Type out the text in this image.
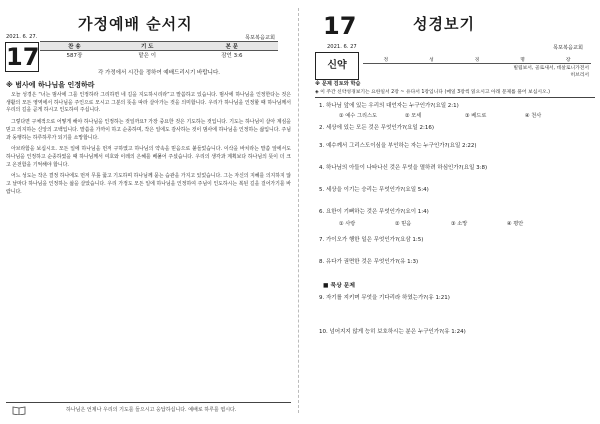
가정예배 순서지
2021. 6. 27.	목포복음교회
17	찬 송	기 도	본 문
587장	맡은 이	잠언 3:6
각 가정에서 시간을 정하여 예배드리시기 바랍니다.
※ 범사에 하나님을 인정하라

오늘 성경은 “너는 범사에 그를 인정하라 그리하면 네 길을 지도하시리라”고 말씀하고 있습니다. 범사에 하나님을 인정한다는 것은 생활의 모든 영역에서 하나님을 주인으로 모시고 그분의 뜻을 따라 살아가는 것을 의미합니다. 우리가 하나님을 인정할 때 하나님께서 우리의 길을 곧게 하시고 인도하여 주십니다.

그렇다면 구체적으로 어떻게 해야 하나님을 인정하는 것일까요? 가장 중요한 것은 기도하는 것입니다. 기도는 하나님이 살아 계심을 믿고 의지하는 신앙의 고백입니다. 말씀을 가까이 하고 순종하며, 작은 일에도 감사하는 것이 범사에 하나님을 인정하는 삶입니다. 주님과 동행하는 하루하루가 되기를 소망합니다.

아브라함을 보십시오. 모든 일에 하나님을 먼저 구하였고 하나님의 약속을 믿음으로 붙들었습니다. 이삭을 바치라는 말씀 앞에서도 하나님을 인정하고 순종하였을 때 하나님께서 여호와 이레의 은혜를 베풀어 주셨습니다. 우리의 생각과 계획보다 하나님의 뜻이 더 크고 온전함을 기억해야 합니다.

어느 성도는 작은 결정 하나에도 먼저 무릎 꿇고 기도하며 하나님께 묻는 습관을 가지고 있었습니다. 그는 자신의 지혜를 의지하지 않고 날마다 하나님을 인정하는 삶을 살았습니다. 우리 가정도 모든 일에 하나님을 인정하여 주님이 인도하시는 복된 길을 걸어가기를 바랍니다.

하나님은 언제나 우리의 기도를 들으시고 응답하십니다. 예배로 하루를 엽시다.
17	성경보기
2021. 6. 27	목포복음교회
신약	정	성	경	명	장
빌립보서, 골로새서, 데살로니가전서
히브리서
※ 문제 검토와 학습
◈ 이 주간 신약성경보기는 요한일서 2장 ~ 유다서 1장입니다 (매일 3장씩 읽으시고 아래 문제를 풀어 보십시오.)
1. 하나님 앞에 있는 우리의 대언자는 누구인가?(요일 2:1)
① 예수 그리스도	② 모세	③ 베드로	④ 천사
2. 세상에 있는 모든 것은 무엇인가?(요일 2:16)
3. 예수께서 그리스도이심을 부인하는 자는 누구인가?(요일 2:22)
4. 하나님의 아들이 나타나신 것은 무엇을 멸하려 하심인가?(요일 3:8)
5. 세상을 이기는 승리는 무엇인가?(요일 5:4)
6. 요한이 기뻐하는 것은 무엇인가?(요이 1:4)
① 사랑	② 믿음	③ 소망	④ 평안
7. 가이오가 행한 일은 무엇인가?(요삼 1:5)
8. 유다가 권면한 것은 무엇인가?(유 1:3)
■ 묵상 문제
9. 자기를 지키며 무엇을 기다리라 하였는가?(유 1:21)
10. 넘어지지 않게 능히 보호하시는 분은 누구인가?(유 1:24)
